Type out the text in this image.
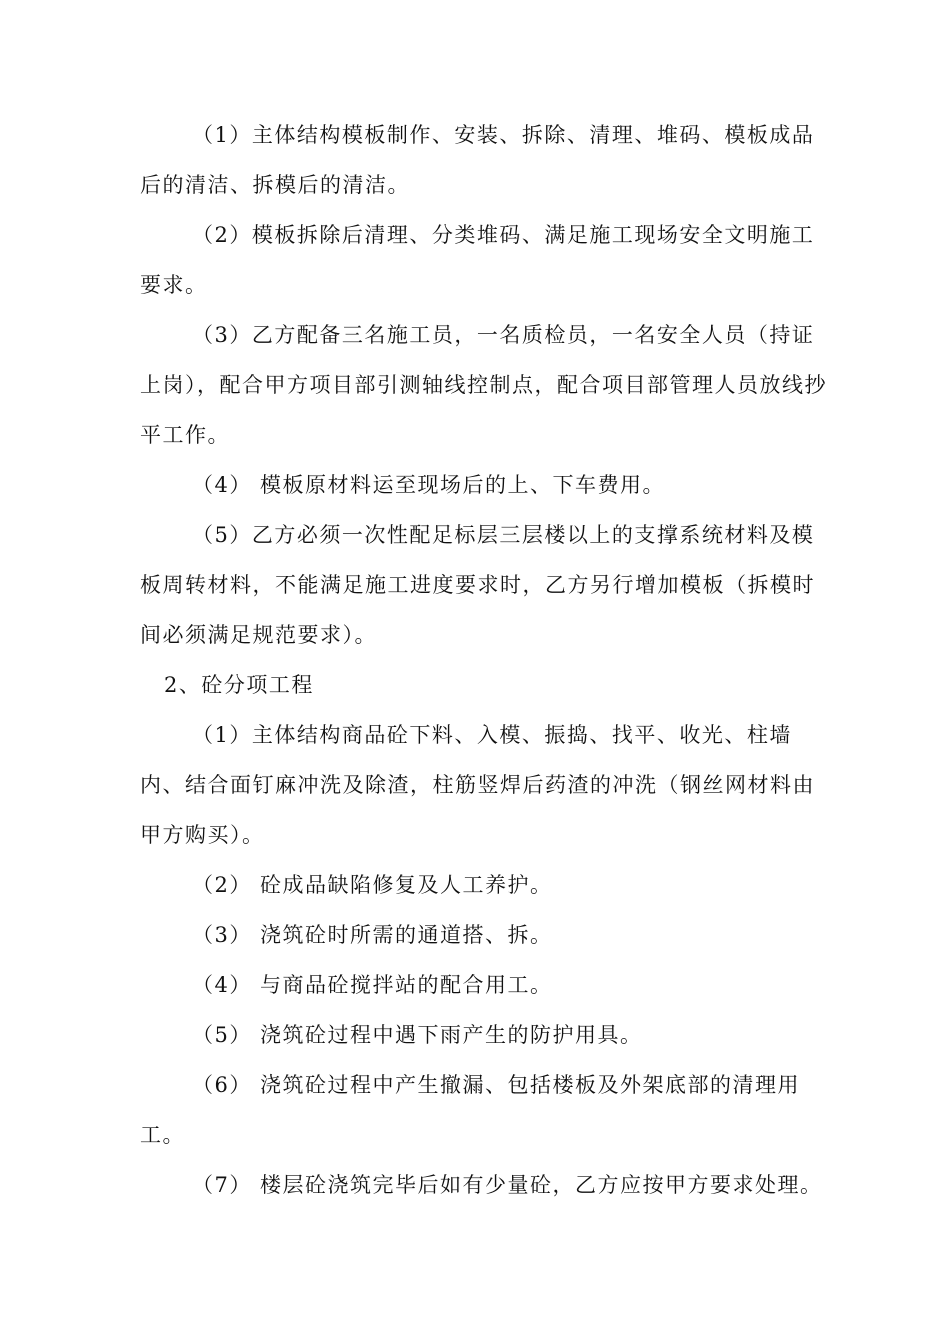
（1）主体结构模板制作、安装、拆除、清理、堆码、模板成品后的清洁、拆模后的清洁。

（2）模板拆除后清理、分类堆码、满足施工现场安全文明施工要求。

（3）乙方配备三名施工员，一名质检员，一名安全人员（持证上岗），配合甲方项目部引测轴线控制点，配合项目部管理人员放线抄平工作。

（4） 模板原材料运至现场后的上、下车费用。

（5）乙方必须一次性配足标层三层楼以上的支撑系统材料及模板周转材料，不能满足施工进度要求时，乙方另行增加模板（拆模时间必须满足规范要求）。

2、砼分项工程

（1）主体结构商品砼下料、入模、振捣、找平、收光、柱墙内、结合面钉麻冲洗及除渣，柱筋竖焊后药渣的冲洗（钢丝网材料由甲方购买）。

（2） 砼成品缺陷修复及人工养护。

（3） 浇筑砼时所需的通道搭、拆。

（4） 与商品砼搅拌站的配合用工。

（5） 浇筑砼过程中遇下雨产生的防护用具。

（6） 浇筑砼过程中产生撤漏、包括楼板及外架底部的清理用工。

（7） 楼层砼浇筑完毕后如有少量砼，乙方应按甲方要求处理。
